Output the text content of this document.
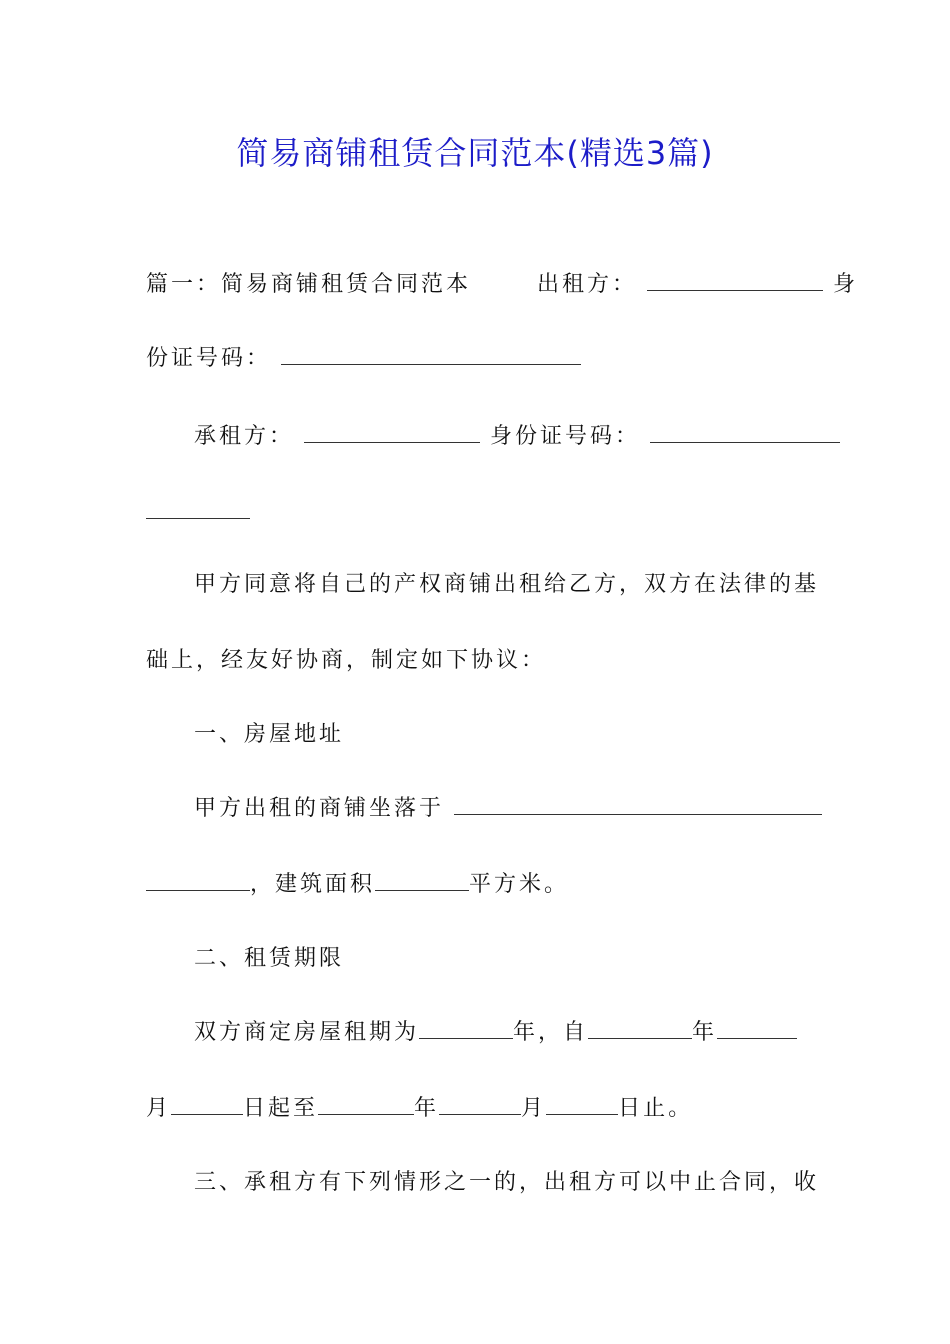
简易商铺租赁合同范本(精选3篇)
篇一：简易商铺租赁合同范本	出租方：	身
份证号码：
承租方：	身份证号码：
甲方同意将自己的产权商铺出租给乙方，双方在法律的基
础上，经友好协商，制定如下协议：
一、房屋地址
甲方出租的商铺坐落于
，建筑面积	平方米。
二、租赁期限
双方商定房屋租期为	年，自	年
月	日起至	年	月	日止。
三、承租方有下列情形之一的，出租方可以中止合同，收
